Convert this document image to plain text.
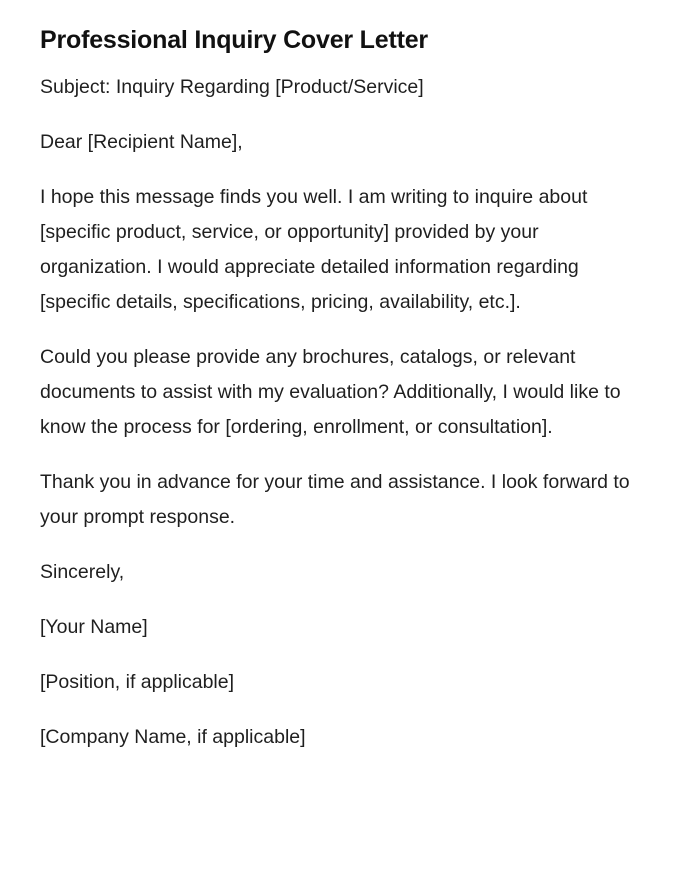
Professional Inquiry Cover Letter

Subject: Inquiry Regarding [Product/Service]

Dear [Recipient Name],

I hope this message finds you well. I am writing to inquire about [specific product, service, or opportunity] provided by your organization. I would appreciate detailed information regarding [specific details, specifications, pricing, availability, etc.].

Could you please provide any brochures, catalogs, or relevant documents to assist with my evaluation? Additionally, I would like to know the process for [ordering, enrollment, or consultation].

Thank you in advance for your time and assistance. I look forward to your prompt response.

Sincerely,

[Your Name]

[Position, if applicable]

[Company Name, if applicable]
